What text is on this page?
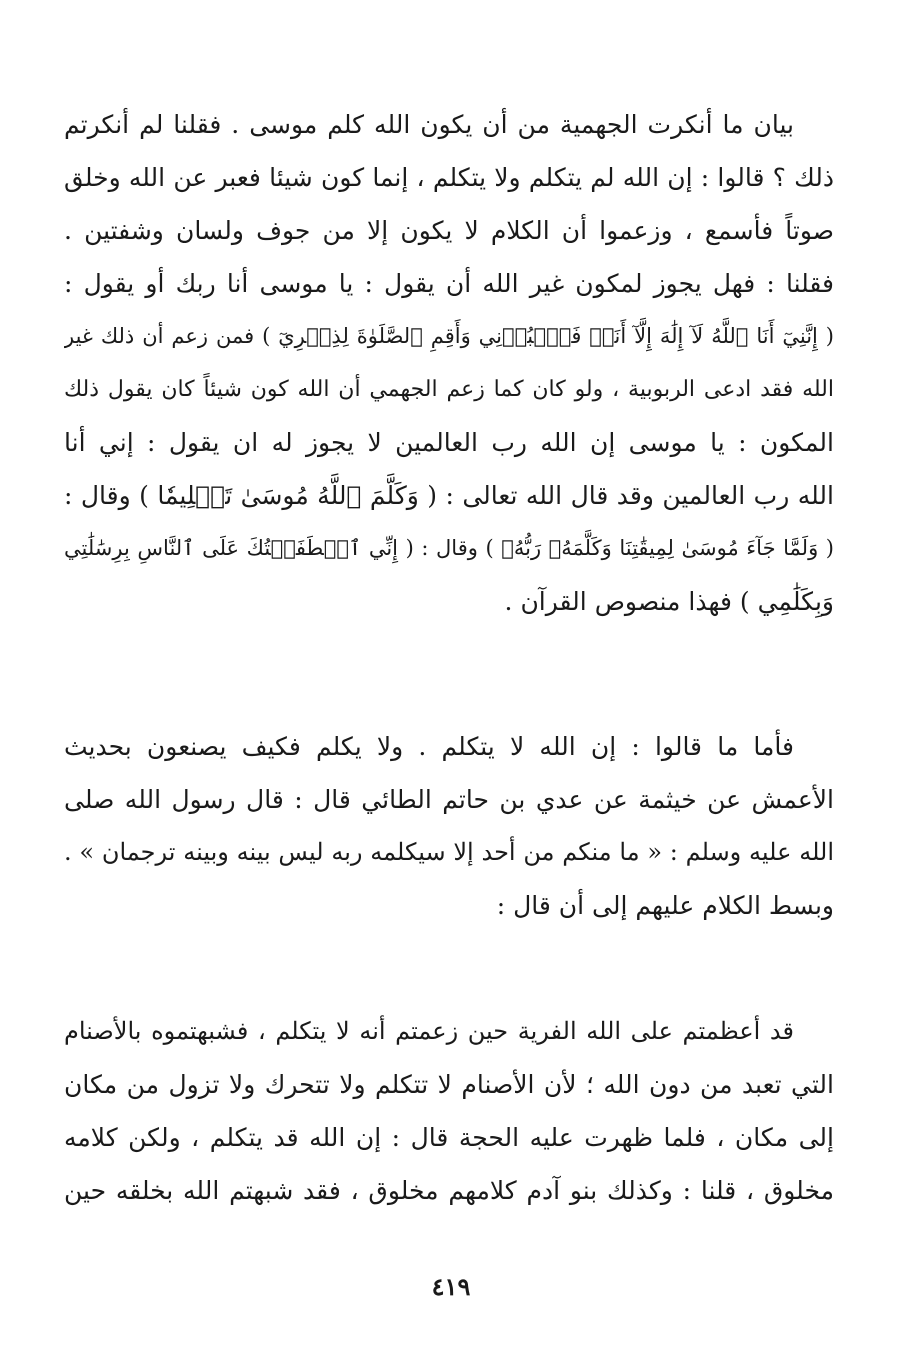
بيان ما أنكرت الجهمية من أن يكون الله كلم موسى . فقلنا لم أنكرتم
ذلك ؟ قالوا : إن الله لم يتكلم ولا يتكلم ، إنما كون شيئا فعبر عن الله وخلق
صوتاً فأسمع ، وزعموا أن الكلام لا يكون إلا من جوف ولسان وشفتين .
فقلنا : فهل يجوز لمكون غير الله أن يقول : يا موسى أنا ربك أو يقول :
( إِنَّنِيٓ أَنَا ٱللَّهُ لَآ إِلَٰهَ إِلَّآ أَنَا۠ فَٱعۡبُدۡنِي وَأَقِمِ ٱلصَّلَوٰةَ لِذِكۡرِيٓ ) فمن زعم أن ذلك غير
الله فقد ادعى الربوبية ، ولو كان كما زعم الجهمي أن الله كون شيئاً كان يقول ذلك
المكون : يا موسى إن الله رب العالمين لا يجوز له ان يقول : إني أنا
الله رب العالمين وقد قال الله تعالى : ( وَكَلَّمَ ٱللَّهُ مُوسَىٰ تَكۡلِيمٗا ) وقال :
( وَلَمَّا جَآءَ مُوسَىٰ لِمِيقَٰتِنَا وَكَلَّمَهُۥ رَبُّهُۥ ) وقال : ( إِنِّي ٱصۡطَفَيۡتُكَ عَلَى ٱلنَّاسِ بِرِسَٰلَٰتِي
وَبِكَلَٰمِي ) فهذا منصوص القرآن .
فأما ما قالوا : إن الله لا يتكلم . ولا يكلم فكيف يصنعون بحديث
الأعمش عن خيثمة عن عدي بن حاتم الطائي قال : قال رسول الله صلى
الله عليه وسلم : « ما منكم من أحد إلا سيكلمه ربه ليس بينه وبينه ترجمان » .
وبسط الكلام عليهم إلى أن قال :
قد أعظمتم على الله الفرية حين زعمتم أنه لا يتكلم ، فشبهتموه بالأصنام
التي تعبد من دون الله ؛ لأن الأصنام لا تتكلم ولا تتحرك ولا تزول من مكان
إلى مكان ، فلما ظهرت عليه الحجة قال : إن الله قد يتكلم ، ولكن كلامه
مخلوق ، قلنا : وكذلك بنو آدم كلامهم مخلوق ، فقد شبهتم الله بخلقه حين
٤١٩
